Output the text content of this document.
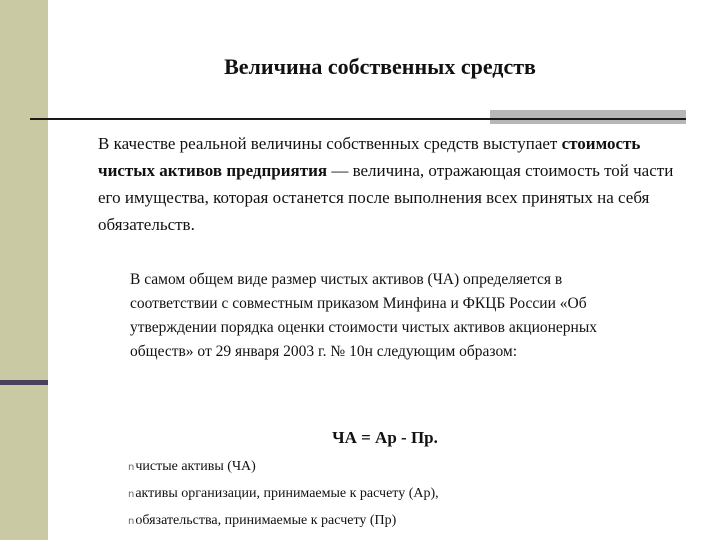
Величина собственных средств
В качестве реальной величины собственных средств выступает стоимость чистых активов предприятия — величина, отражающая стоимость той части его имущества, которая останется после выполнения всех принятых на себя обязательств.
В самом общем виде размер чистых активов (ЧА) определяется в соответствии с совместным приказом Минфина и ФКЦБ России «Об утверждении порядка оценки стоимости чистых активов акционерных обществ» от 29 января 2003 г. № 10н следующим образом:
ЧА = Ар - Пр.
n чистые активы (ЧА)
n активы организации, принимаемые к расчету (Ар),
n обязательства, принимаемые к расчету (Пр)
